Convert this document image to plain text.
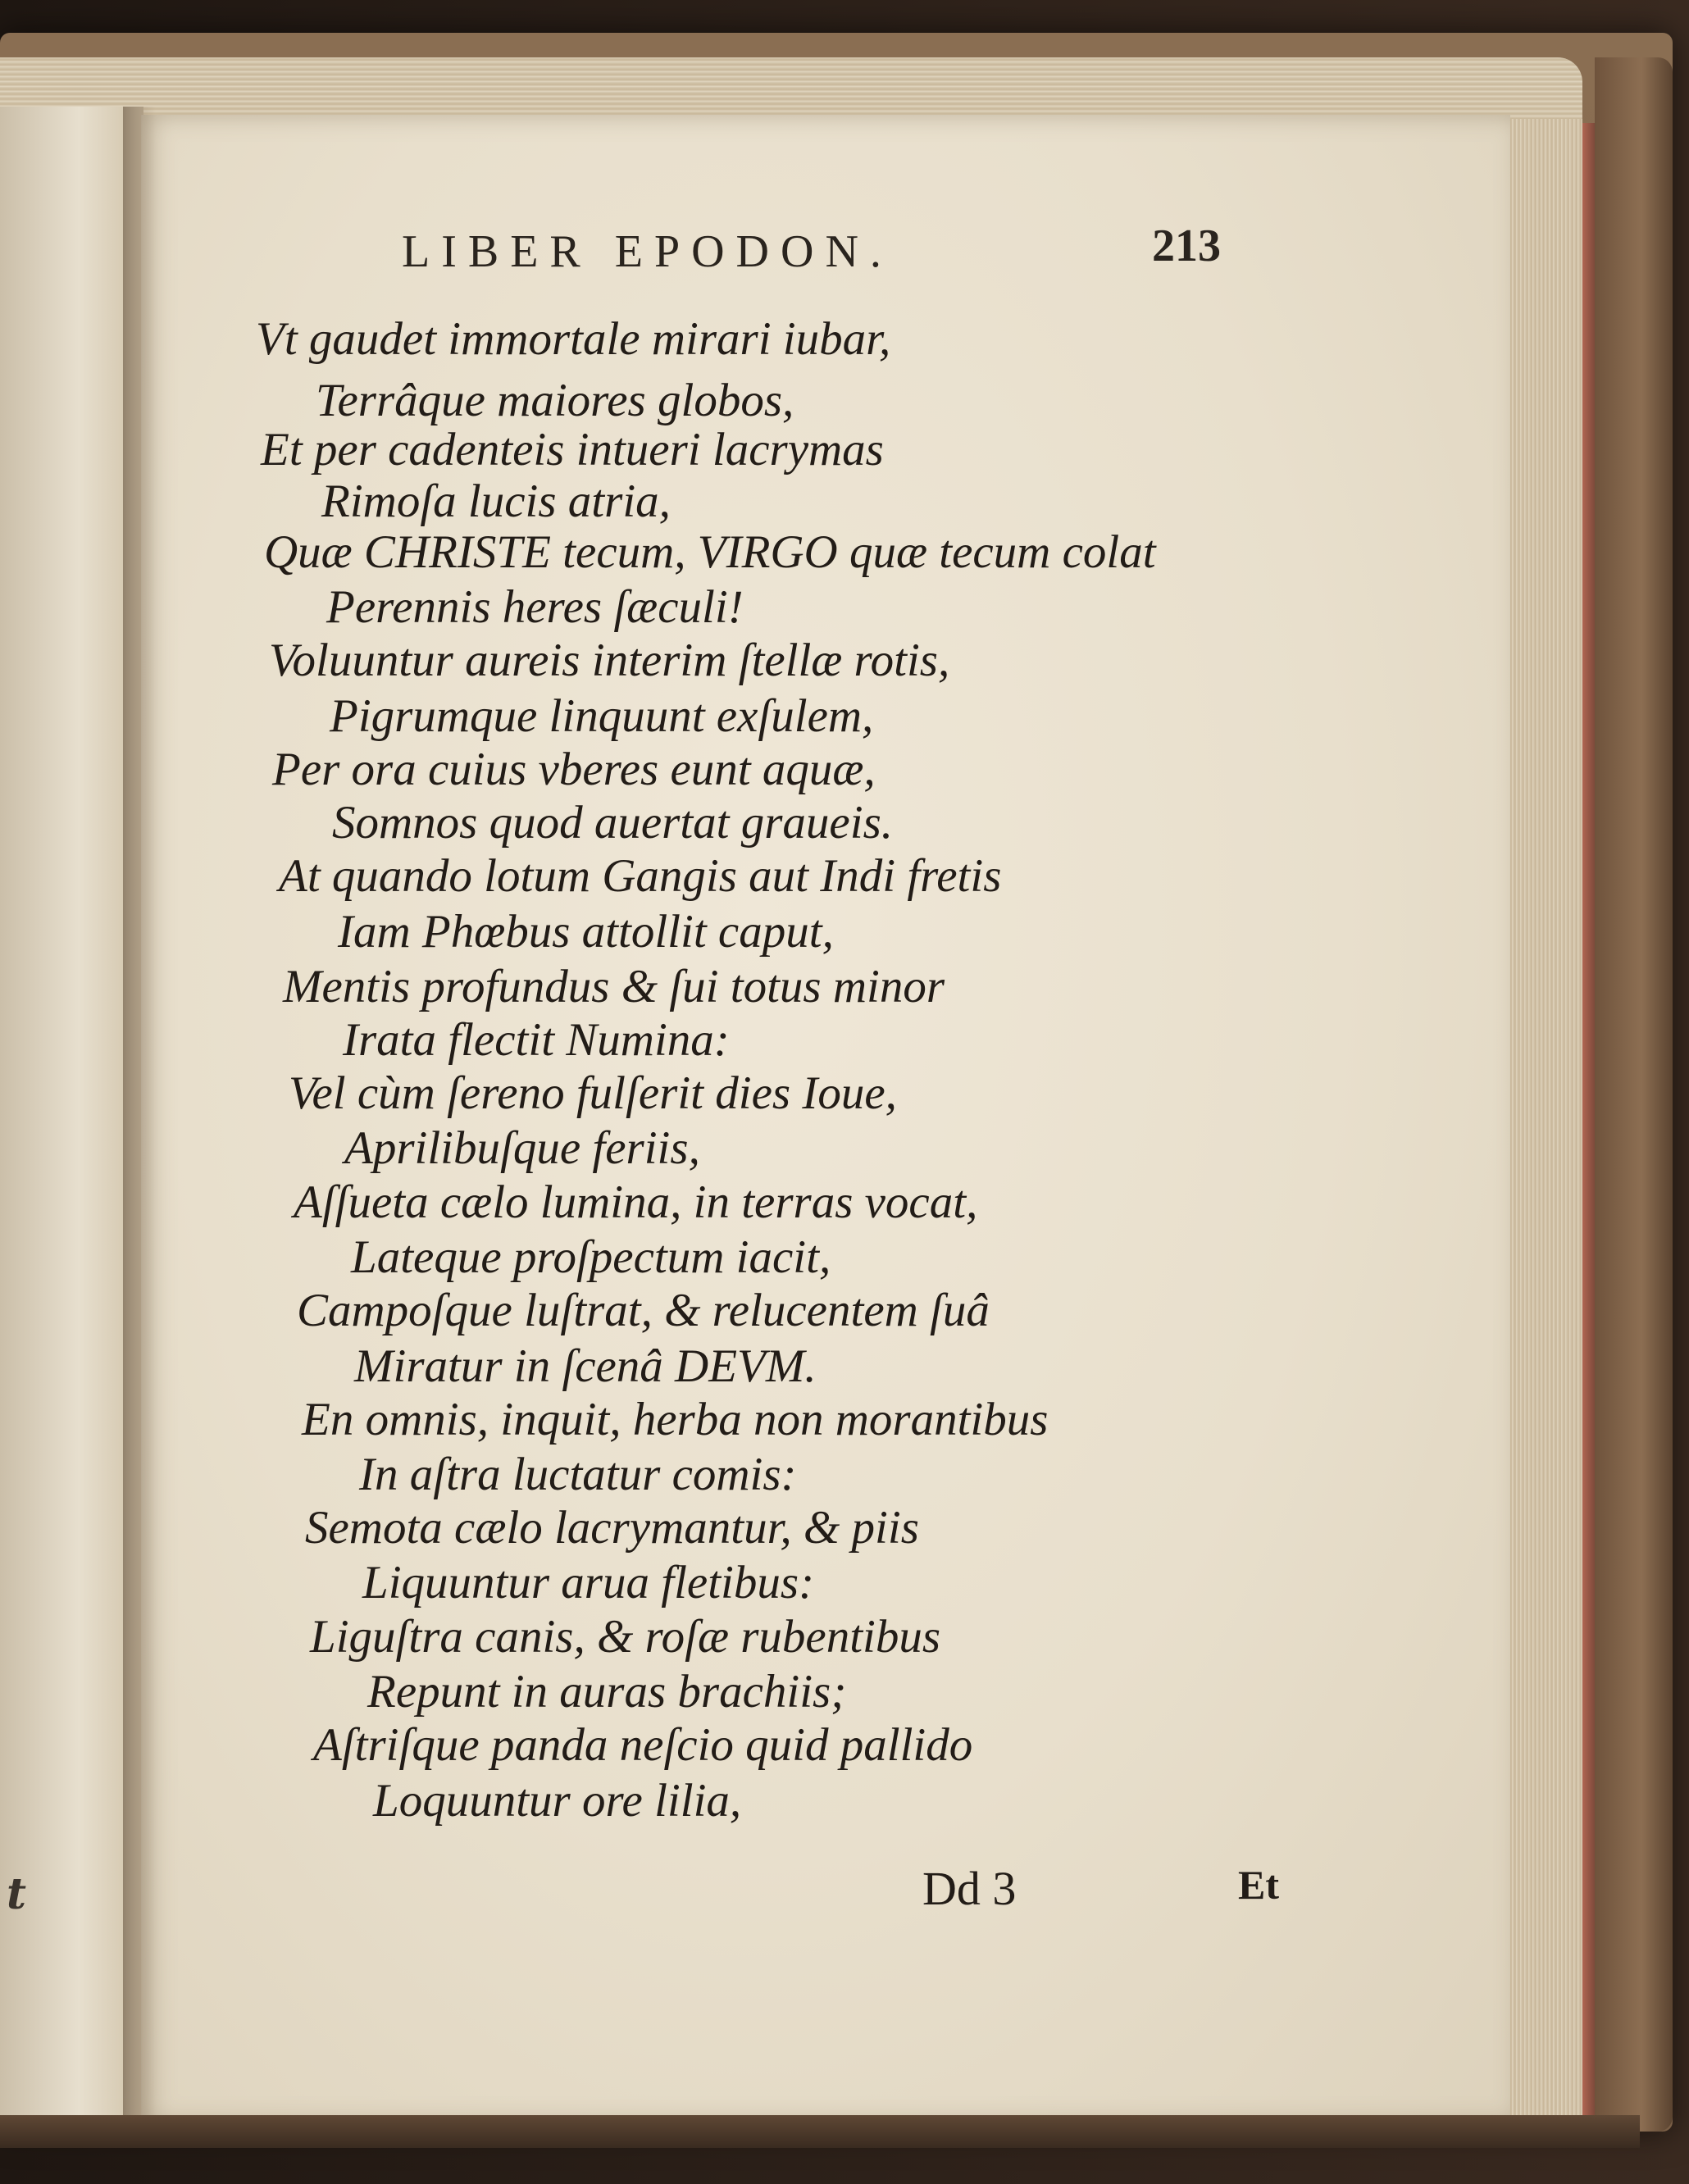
t
LIBER EPODON.	213
Vt gaudet immortale mirari iubar,
Terrâque maiores globos,
Et per cadenteis intueri lacrymas
Rimoſa lucis atria,
Quæ CHRISTE tecum, VIRGO quæ tecum colat
Perennis heres ſæculi!
Voluuntur aureis interim ſtellæ rotis,
Pigrumque linquunt exſulem,
Per ora cuius vberes eunt aquæ,
Somnos quod auertat graueis.
At quando lotum Gangis aut Indi fretis
Iam Phœbus attollit caput,
Mentis profundus & ſui totus minor
Irata flectit Numina:
Vel cùm ſereno fulſerit dies Ioue,
Aprilibuſque feriis,
Aſſueta cælo lumina, in terras vocat,
Lateque proſpectum iacit,
Campoſque luſtrat, & relucentem ſuâ
Miratur in ſcenâ DEVM.
En omnis, inquit, herba non morantibus
In aſtra luctatur comis:
Semota cælo lacrymantur, & piis
Liquuntur arua fletibus:
Liguſtra canis, & roſæ rubentibus
Repunt in auras brachiis;
Aſtriſque panda neſcio quid pallido
Loquuntur ore lilia,
Dd 3	Et
